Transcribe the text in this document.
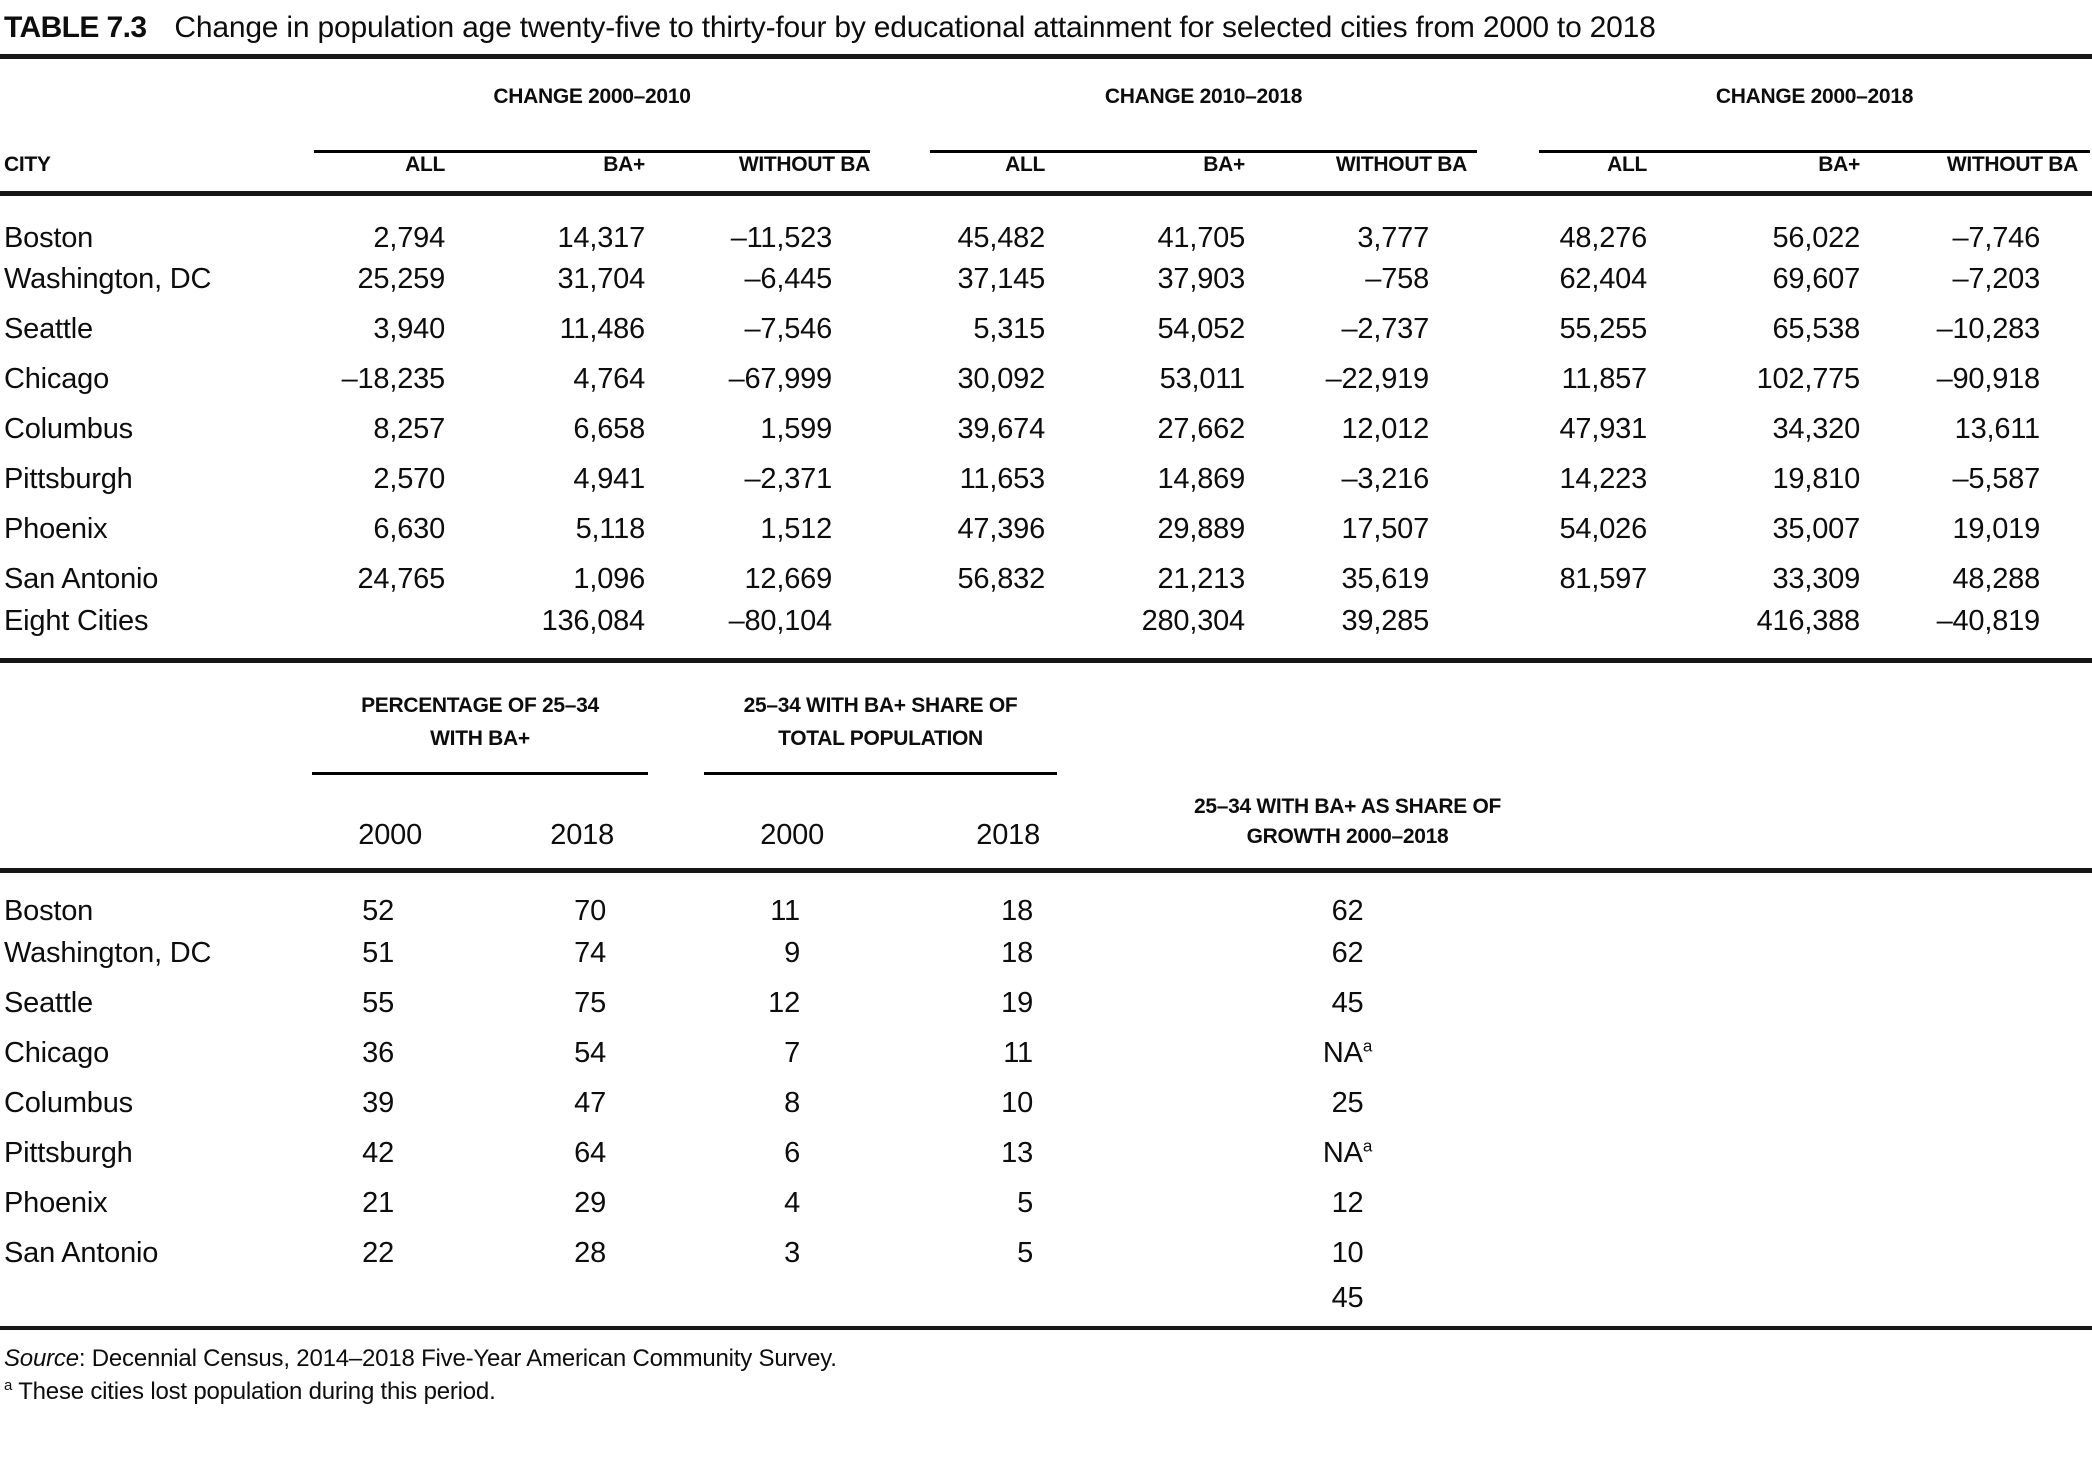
TABLE 7.3 Change in population age twenty-five to thirty-four by educational attainment for selected cities from 2000 to 2018

	CHANGE 2000–2010			CHANGE 2010–2018			CHANGE 2000–2018		

CITY	ALL	BA+	WITHOUT BA	ALL	BA+	WITHOUT BA	ALL	BA+	WITHOUT BA
Boston	2,794	14,317	–11,523	45,482	41,705	3,777	48,276	56,022	–7,746
Washington, DC	25,259	31,704	–6,445	37,145	37,903	–758	62,404	69,607	–7,203
Seattle	3,940	11,486	–7,546	5,315	54,052	–2,737	55,255	65,538	–10,283
Chicago	–18,235	4,764	–67,999	30,092	53,011	–22,919	11,857	102,775	–90,918
Columbus	8,257	6,658	1,599	39,674	27,662	12,012	47,931	34,320	13,611
Pittsburgh	2,570	4,941	–2,371	11,653	14,869	–3,216	14,223	19,810	–5,587
Phoenix	6,630	5,118	1,512	47,396	29,889	17,507	54,026	35,007	19,019
San Antonio	24,765	1,096	12,669	56,832	21,213	35,619	81,597	33,309	48,288
Eight Cities		136,084	–80,104		280,304	39,285		416,388	–40,819

	PERCENTAGE OF 25–34
WITH BA+		25–34 WITH BA+ SHARE OF
TOTAL POPULATION			

	2000	2018	2000	2018	25–34 WITH BA+ AS SHARE OF
GROWTH 2000–2018	
Boston	52	70	11	18	62	
Washington, DC	51	74	9	18	62	
Seattle	55	75	12	19	45	
Chicago	36	54	7	11	NA$^a$	
Columbus	39	47	8	10	25	
Pittsburgh	42	64	6	13	NA$^a$	
Phoenix	21	29	4	5	12	
San Antonio	22	28	3	5	10	
					45	
Source: Decennial Census, 2014–2018 Five-Year American Community Survey.
$^a$ These cities lost population during this period.
